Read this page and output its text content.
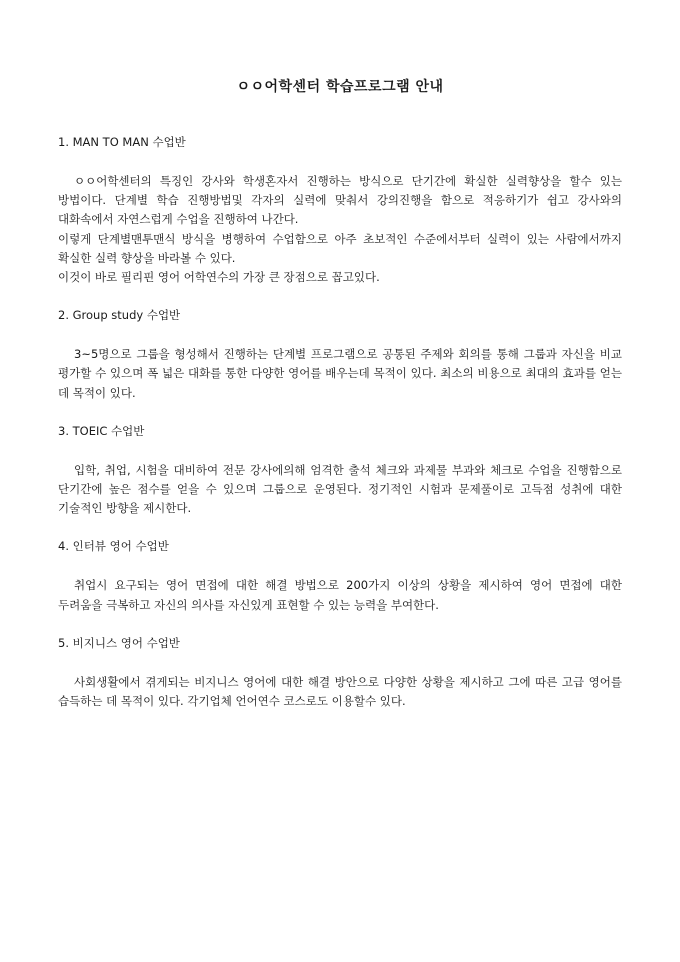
ㅇㅇ어학센터 학습프로그램 안내
1. MAN TO MAN 수업반

ㅇㅇ어학센터의 특징인 강사와 학생혼자서 진행하는 방식으로 단기간에 확실한 실력향상을 할수 있는 방법이다. 단계별 학습 진행방법및 각자의 실력에 맞춰서 강의진행을 함으로 적응하기가 쉽고 강사와의 대화속에서 자연스럽게 수업을 진행하여 나간다.

이렇게 단계별맨투맨식 방식을 병행하여 수업함으로 아주 초보적인 수준에서부터 실력이 있는 사람에서까지 확실한 실력 향상을 바라볼 수 있다.

이것이 바로 필리핀 영어 어학연수의 가장 큰 장점으로 꼽고있다.

2. Group study 수업반

3~5명으로 그룹을 형성해서 진행하는 단계별 프로그램으로 공통된 주제와 회의를 통해 그룹과 자신을 비교 평가할 수 있으며 폭 넓은 대화를 통한 다양한 영어를 배우는데 목적이 있다. 최소의 비용으로 최대의 효과를 얻는 데 목적이 있다.

3. TOEIC 수업반

입학, 취업, 시험을 대비하여 전문 강사에의해 엄격한 출석 체크와 과제물 부과와 체크로 수업을 진행함으로 단기간에 높은 점수를 얻을 수 있으며 그룹으로 운영된다. 정기적인 시험과 문제풀이로 고득점 성취에 대한 기술적인 방향을 제시한다.

4. 인터뷰 영어 수업반

취업시 요구되는 영어 면접에 대한 해결 방법으로 200가지 이상의 상황을 제시하여 영어 면접에 대한 두려움을 극복하고 자신의 의사를 자신있게 표현할 수 있는 능력을 부여한다.

5. 비지니스 영어 수업반

사회생활에서 겪게되는 비지니스 영어에 대한 해결 방안으로 다양한 상황을 제시하고 그에 따른 고급 영어를 습득하는 데 목적이 있다. 각기업체 언어연수 코스로도 이용할수 있다.
